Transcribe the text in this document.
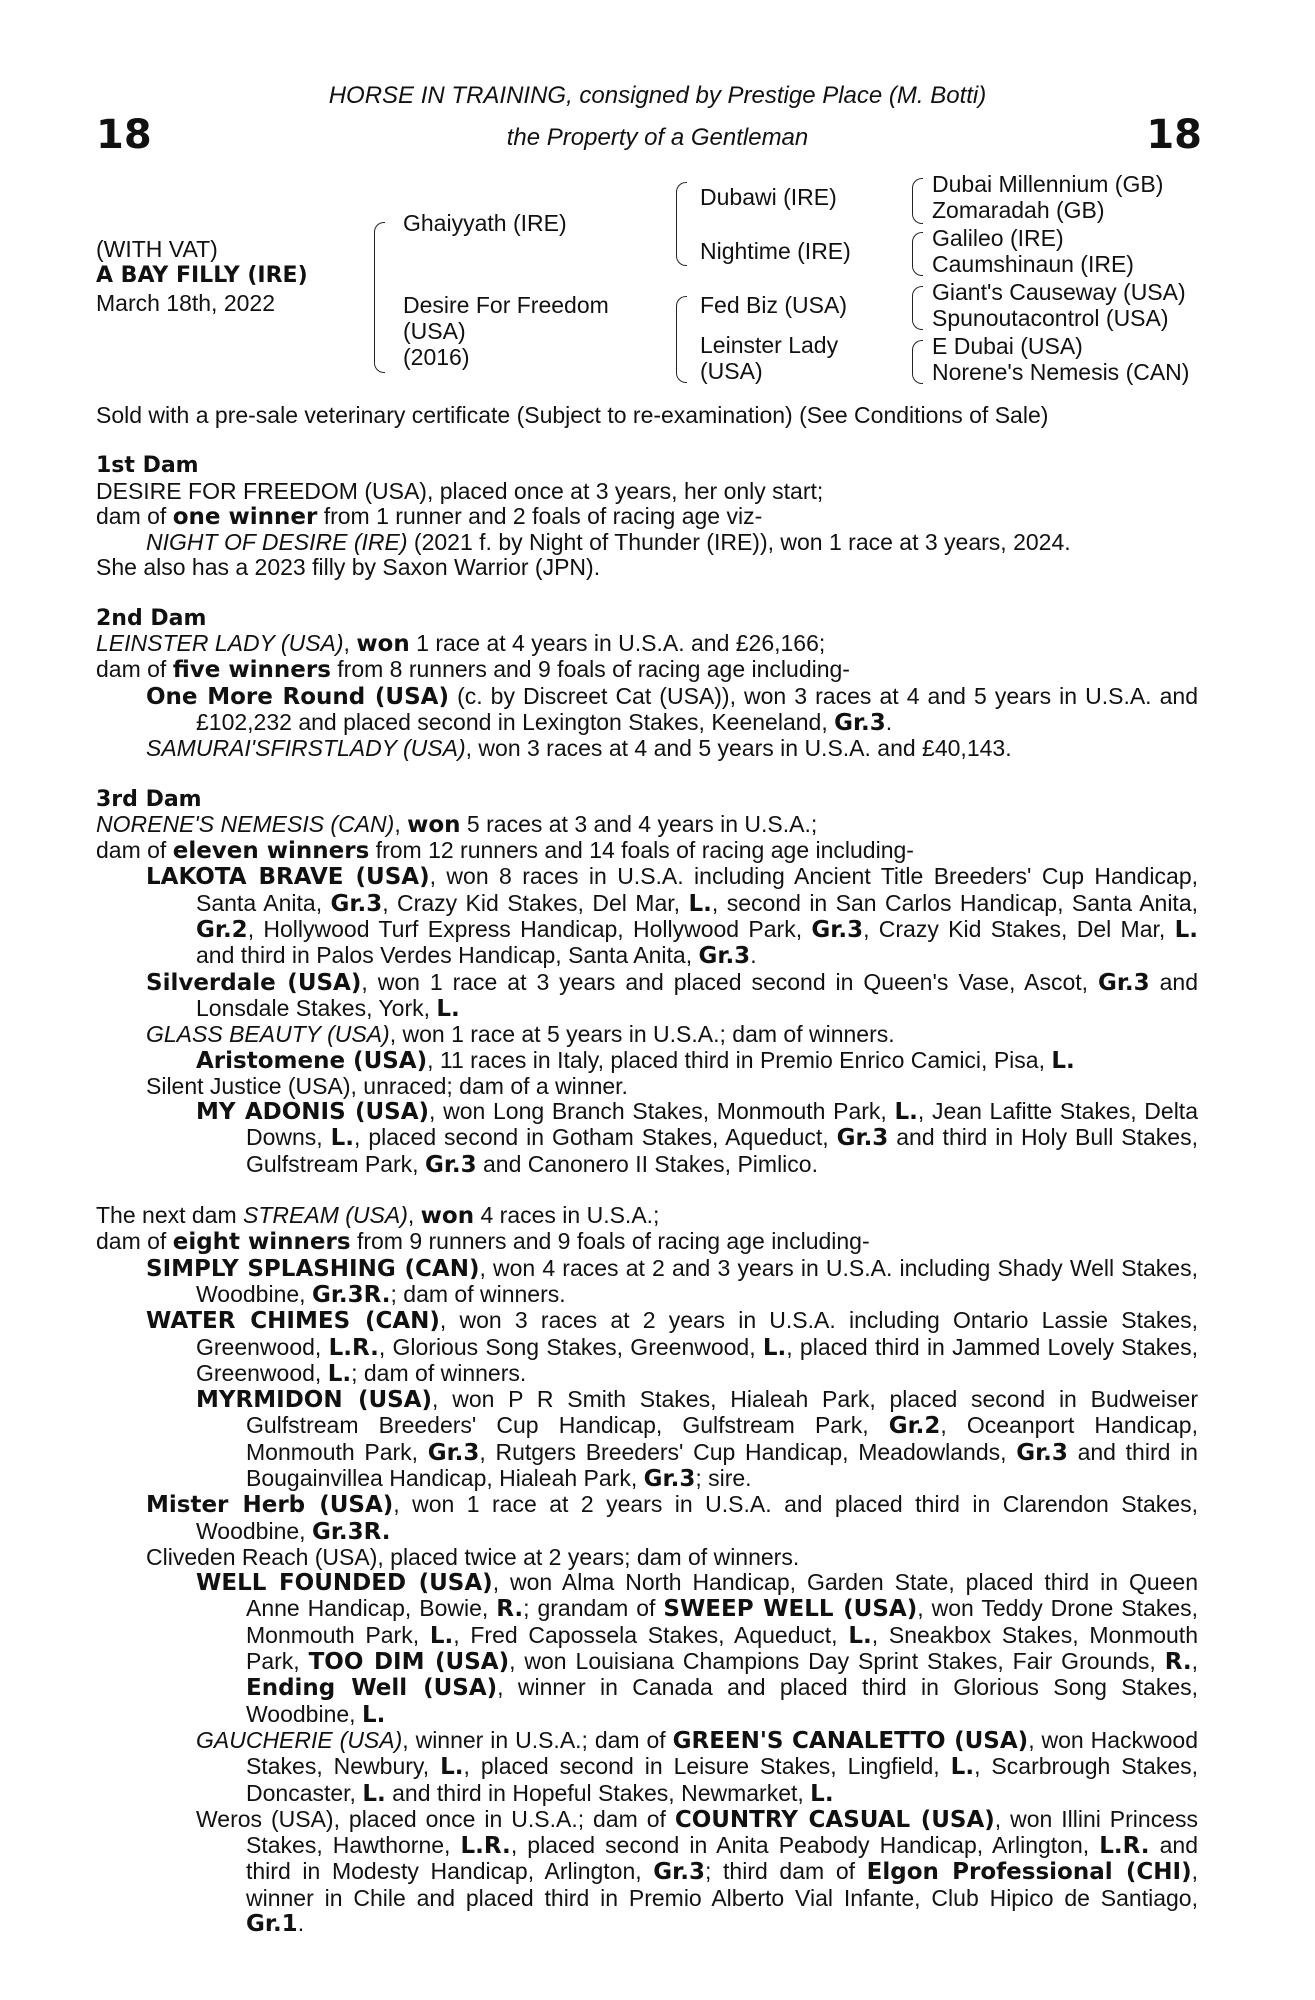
HORSE IN TRAINING, consigned by Prestige Place (M. Botti)
the Property of a Gentleman
18	18
(WITH VAT)
A BAY FILLY (IRE)
March 18th, 2022
Ghaiyyath (IRE)
Desire For Freedom
(USA)
(2016)
Dubawi (IRE)
Nightime (IRE)
Fed Biz (USA)
Leinster Lady
(USA)
Dubai Millennium (GB)
Zomaradah (GB)
Galileo (IRE)
Caumshinaun (IRE)
Giant's Causeway (USA)
Spunoutacontrol (USA)
E Dubai (USA)
Norene's Nemesis (CAN)

Sold with a pre-sale veterinary certificate (Subject to re-examination) (See Conditions of Sale)

1st Dam

DESIRE FOR FREEDOM (USA), placed once at 3 years, her only start;

dam of one winner from 1 runner and 2 foals of racing age viz-

NIGHT OF DESIRE (IRE) (2021 f. by Night of Thunder (IRE)), won 1 race at 3 years, 2024.

She also has a 2023 filly by Saxon Warrior (JPN).

2nd Dam

LEINSTER LADY (USA), won 1 race at 4 years in U.S.A. and £26,166;

dam of five winners from 8 runners and 9 foals of racing age including-

One More Round (USA) (c. by Discreet Cat (USA)), won 3 races at 4 and 5 years in U.S.A. and £102,232 and placed second in Lexington Stakes, Keeneland, Gr.3.

SAMURAI'SFIRSTLADY (USA), won 3 races at 4 and 5 years in U.S.A. and £40,143.

3rd Dam

NORENE'S NEMESIS (CAN), won 5 races at 3 and 4 years in U.S.A.;

dam of eleven winners from 12 runners and 14 foals of racing age including-

LAKOTA BRAVE (USA), won 8 races in U.S.A. including Ancient Title Breeders' Cup Handicap, Santa Anita, Gr.3, Crazy Kid Stakes, Del Mar, L., second in San Carlos Handicap, Santa Anita, Gr.2, Hollywood Turf Express Handicap, Hollywood Park, Gr.3, Crazy Kid Stakes, Del Mar, L. and third in Palos Verdes Handicap, Santa Anita, Gr.3.

Silverdale (USA), won 1 race at 3 years and placed second in Queen's Vase, Ascot, Gr.3 and Lonsdale Stakes, York, L.

GLASS BEAUTY (USA), won 1 race at 5 years in U.S.A.; dam of winners.

Aristomene (USA), 11 races in Italy, placed third in Premio Enrico Camici, Pisa, L.

Silent Justice (USA), unraced; dam of a winner.

MY ADONIS (USA), won Long Branch Stakes, Monmouth Park, L., Jean Lafitte Stakes, Delta Downs, L., placed second in Gotham Stakes, Aqueduct, Gr.3 and third in Holy Bull Stakes, Gulfstream Park, Gr.3 and Canonero II Stakes, Pimlico.

The next dam STREAM (USA), won 4 races in U.S.A.;

dam of eight winners from 9 runners and 9 foals of racing age including-

SIMPLY SPLASHING (CAN), won 4 races at 2 and 3 years in U.S.A. including Shady Well Stakes, Woodbine, Gr.3R.; dam of winners.

WATER CHIMES (CAN), won 3 races at 2 years in U.S.A. including Ontario Lassie Stakes, Greenwood, L.R., Glorious Song Stakes, Greenwood, L., placed third in Jammed Lovely Stakes, Greenwood, L.; dam of winners.

MYRMIDON (USA), won P R Smith Stakes, Hialeah Park, placed second in Budweiser Gulfstream Breeders' Cup Handicap, Gulfstream Park, Gr.2, Oceanport Handicap, Monmouth Park, Gr.3, Rutgers Breeders' Cup Handicap, Meadowlands, Gr.3 and third in Bougainvillea Handicap, Hialeah Park, Gr.3; sire.

Mister Herb (USA), won 1 race at 2 years in U.S.A. and placed third in Clarendon Stakes, Woodbine, Gr.3R.

Cliveden Reach (USA), placed twice at 2 years; dam of winners.

WELL FOUNDED (USA), won Alma North Handicap, Garden State, placed third in Queen Anne Handicap, Bowie, R.; grandam of SWEEP WELL (USA), won Teddy Drone Stakes, Monmouth Park, L., Fred Capossela Stakes, Aqueduct, L., Sneakbox Stakes, Monmouth Park, TOO DIM (USA), won Louisiana Champions Day Sprint Stakes, Fair Grounds, R., Ending Well (USA), winner in Canada and placed third in Glorious Song Stakes, Woodbine, L.

GAUCHERIE (USA), winner in U.S.A.; dam of GREEN'S CANALETTO (USA), won Hackwood Stakes, Newbury, L., placed second in Leisure Stakes, Lingfield, L., Scarbrough Stakes, Doncaster, L. and third in Hopeful Stakes, Newmarket, L.

Weros (USA), placed once in U.S.A.; dam of COUNTRY CASUAL (USA), won Illini Princess Stakes, Hawthorne, L.R., placed second in Anita Peabody Handicap, Arlington, L.R. and third in Modesty Handicap, Arlington, Gr.3; third dam of Elgon Professional (CHI), winner in Chile and placed third in Premio Alberto Vial Infante, Club Hipico de Santiago, Gr.1.
